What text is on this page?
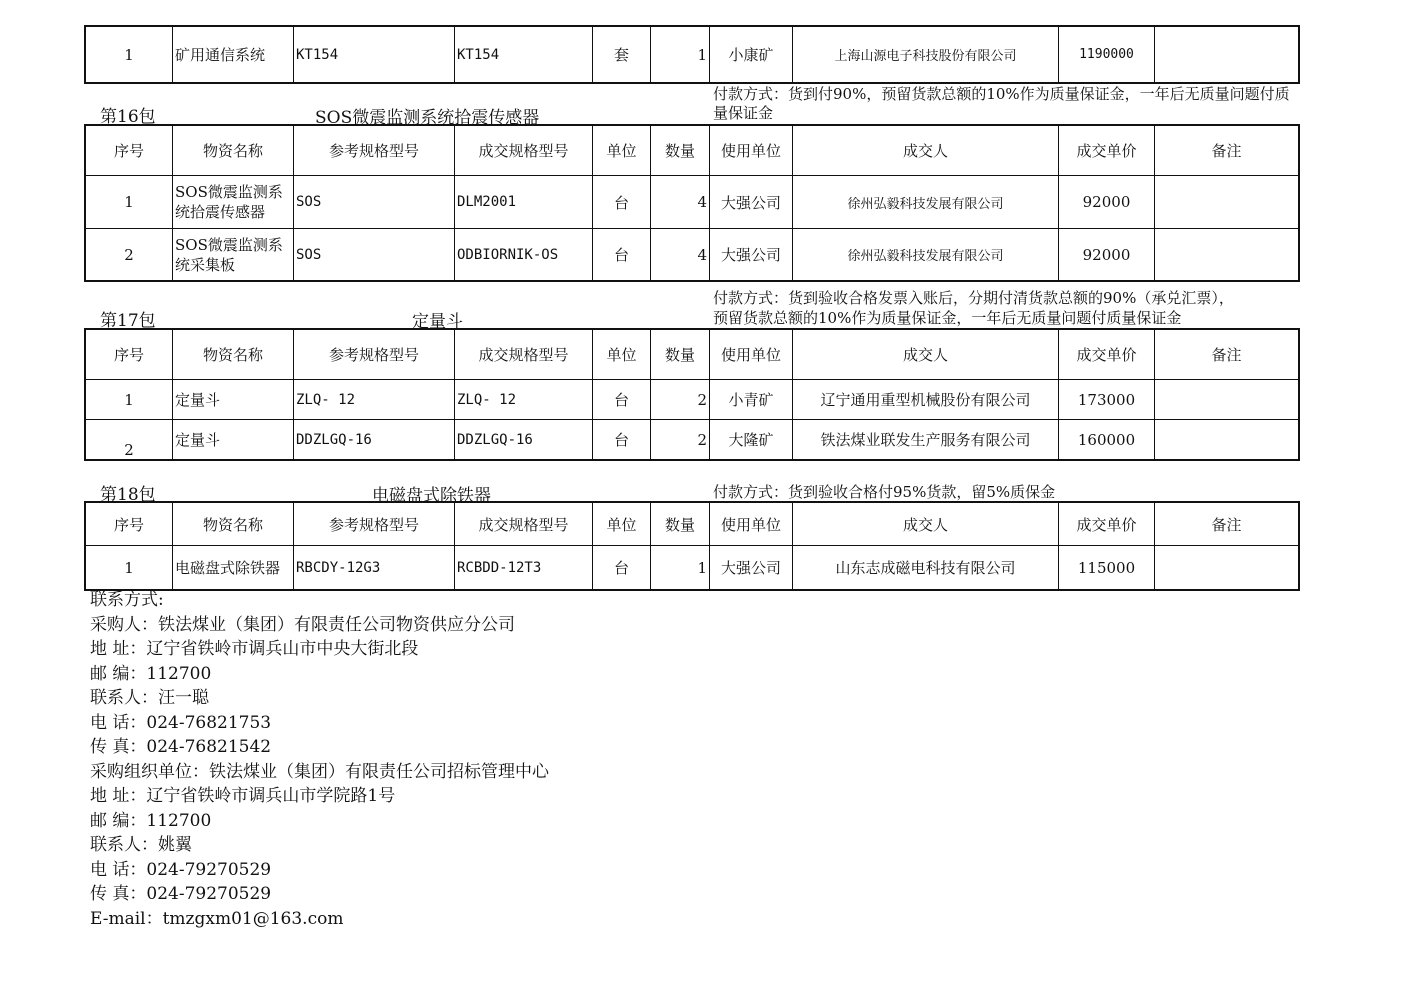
1	矿用通信系统	KT154	KT154	套	1	小康矿	上海山源电子科技股份有限公司	1190000	
第16包	SOS微震监测系统拾震传感器
付款方式：货到付90%，预留货款总额的10%作为质量保证金，一年后无质量问题付质量保证金
序号	物资名称	参考规格型号	成交规格型号	单位	数量	使用单位	成交人	成交单价	备注
1	SOS微震监测系统拾震传感器	SOS	DLM2001	台	4	大强公司	徐州弘毅科技发展有限公司	92000	
2	SOS微震监测系统采集板	SOS	ODBIORNIK-OS	台	4	大强公司	徐州弘毅科技发展有限公司	92000	
第17包	定量斗
付款方式：货到验收合格发票入账后，分期付清货款总额的90%（承兑汇票），
预留货款总额的10%作为质量保证金，一年后无质量问题付质量保证金
序号	物资名称	参考规格型号	成交规格型号	单位	数量	使用单位	成交人	成交单价	备注
1	定量斗	ZLQ- 12	ZLQ- 12	台	2	小青矿	辽宁通用重型机械股份有限公司	173000	
2	定量斗	DDZLGQ-16	DDZLGQ-16	台	2	大隆矿	铁法煤业联发生产服务有限公司	160000	
第18包	电磁盘式除铁器	付款方式：货到验收合格付95%货款，留5%质保金
序号	物资名称	参考规格型号	成交规格型号	单位	数量	使用单位	成交人	成交单价	备注
1	电磁盘式除铁器	RBCDY-12G3	RCBDD-12T3	台	1	大强公司	山东志成磁电科技有限公司	115000	
联系方式:
采购人：铁法煤业（集团）有限责任公司物资供应分公司
地 址：辽宁省铁岭市调兵山市中央大街北段
邮 编：112700
联系人：汪一聪
电 话：024-76821753
传 真：024-76821542
采购组织单位：铁法煤业（集团）有限责任公司招标管理中心
地 址：辽宁省铁岭市调兵山市学院路1号
邮 编：112700
联系人：姚翼
电 话：024-79270529
传 真：024-79270529
E-mail：tmzgxm01@163.com
